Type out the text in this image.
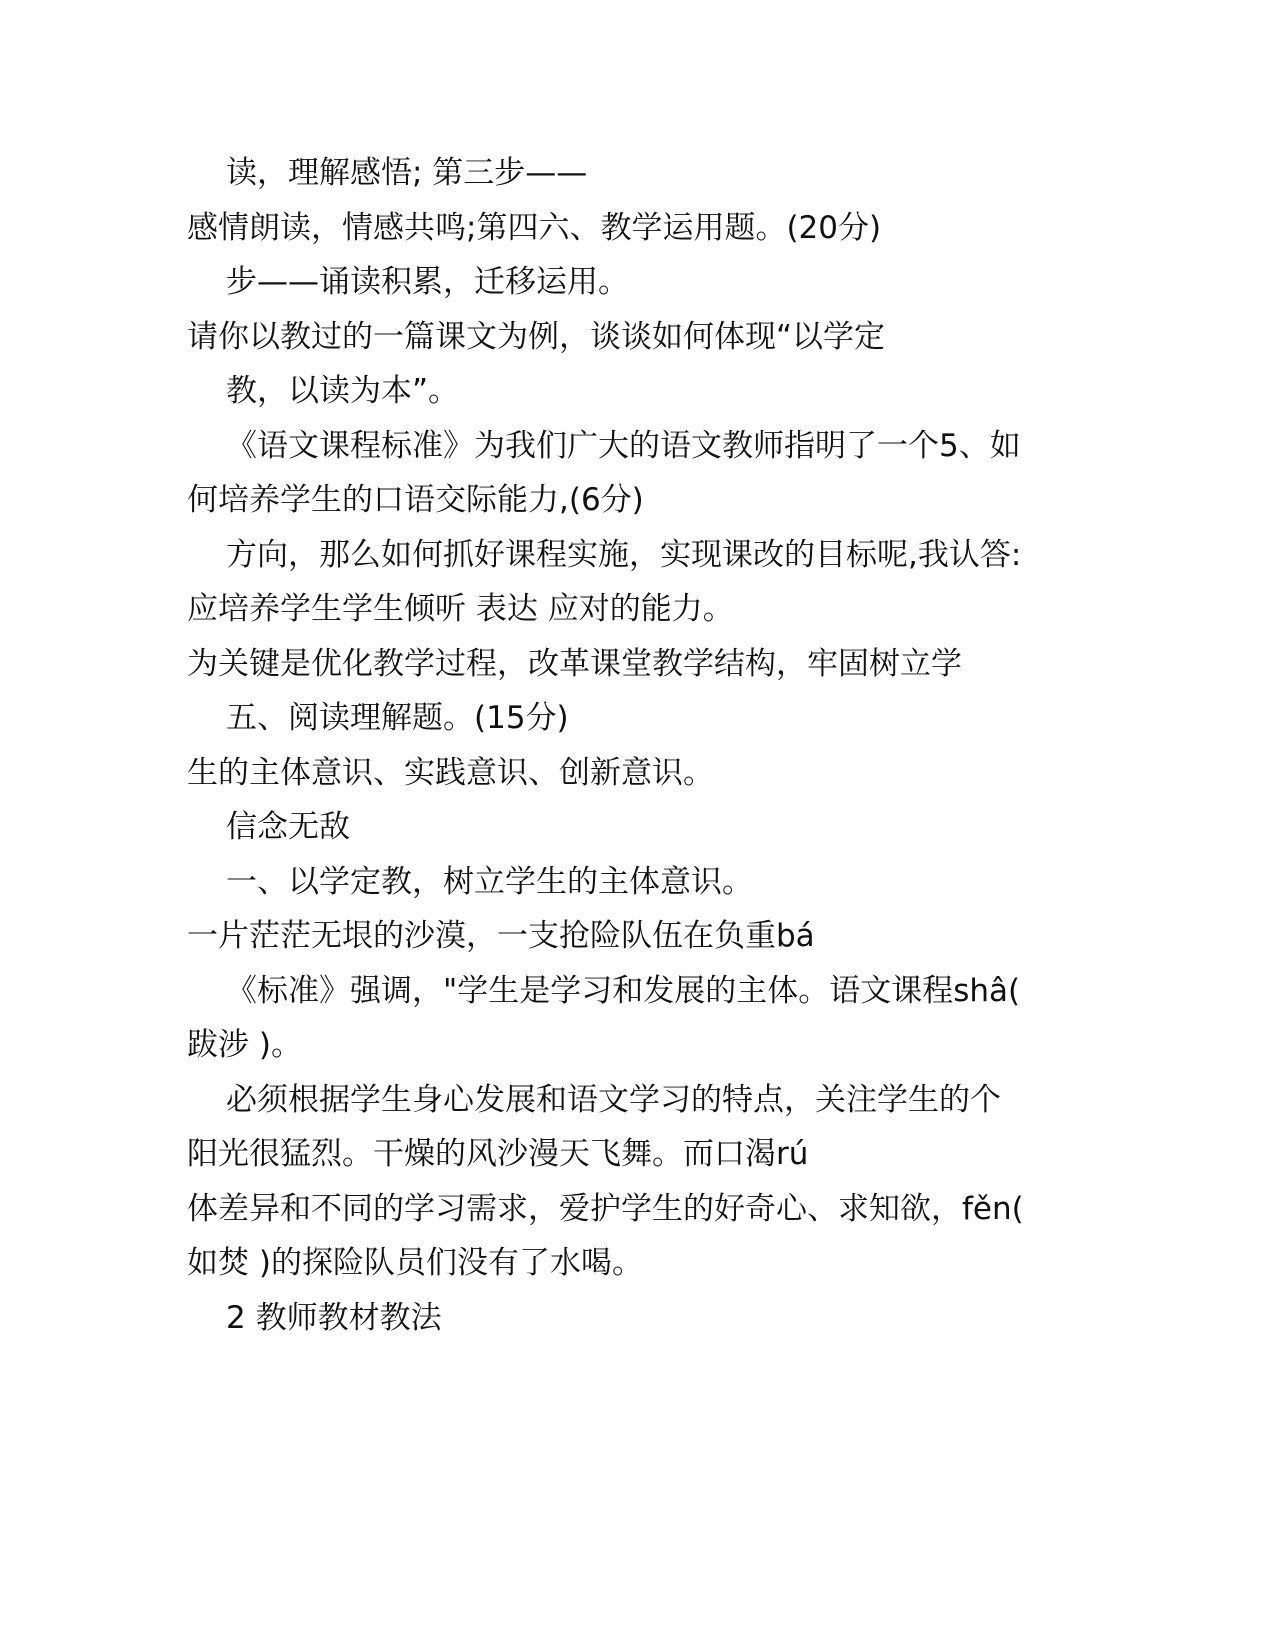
读，理解感悟; 第三步——
感情朗读，情感共鸣;第四六、教学运用题。(20分)
步——诵读积累，迁移运用。
请你以教过的一篇课文为例，谈谈如何体现“以学定
教，以读为本”。
《语文课程标准》为我们广大的语文教师指明了一个5、如
何培养学生的口语交际能力,(6分)
方向，那么如何抓好课程实施，实现课改的目标呢,我认答:
应培养学生学生倾听 表达 应对的能力。
为关键是优化教学过程，改革课堂教学结构，牢固树立学
五、阅读理解题。(15分)
生的主体意识、实践意识、创新意识。
信念无敌
一、以学定教，树立学生的主体意识。
一片茫茫无垠的沙漠，一支抢险队伍在负重bá
《标准》强调，"学生是学习和发展的主体。语文课程shâ(
跋涉 )。
必须根据学生身心发展和语文学习的特点，关注学生的个
阳光很猛烈。干燥的风沙漫天飞舞。而口渴rú
体差异和不同的学习需求，爱护学生的好奇心、求知欲，fěn(
如焚 )的探险队员们没有了水喝。
2 教师教材教法
